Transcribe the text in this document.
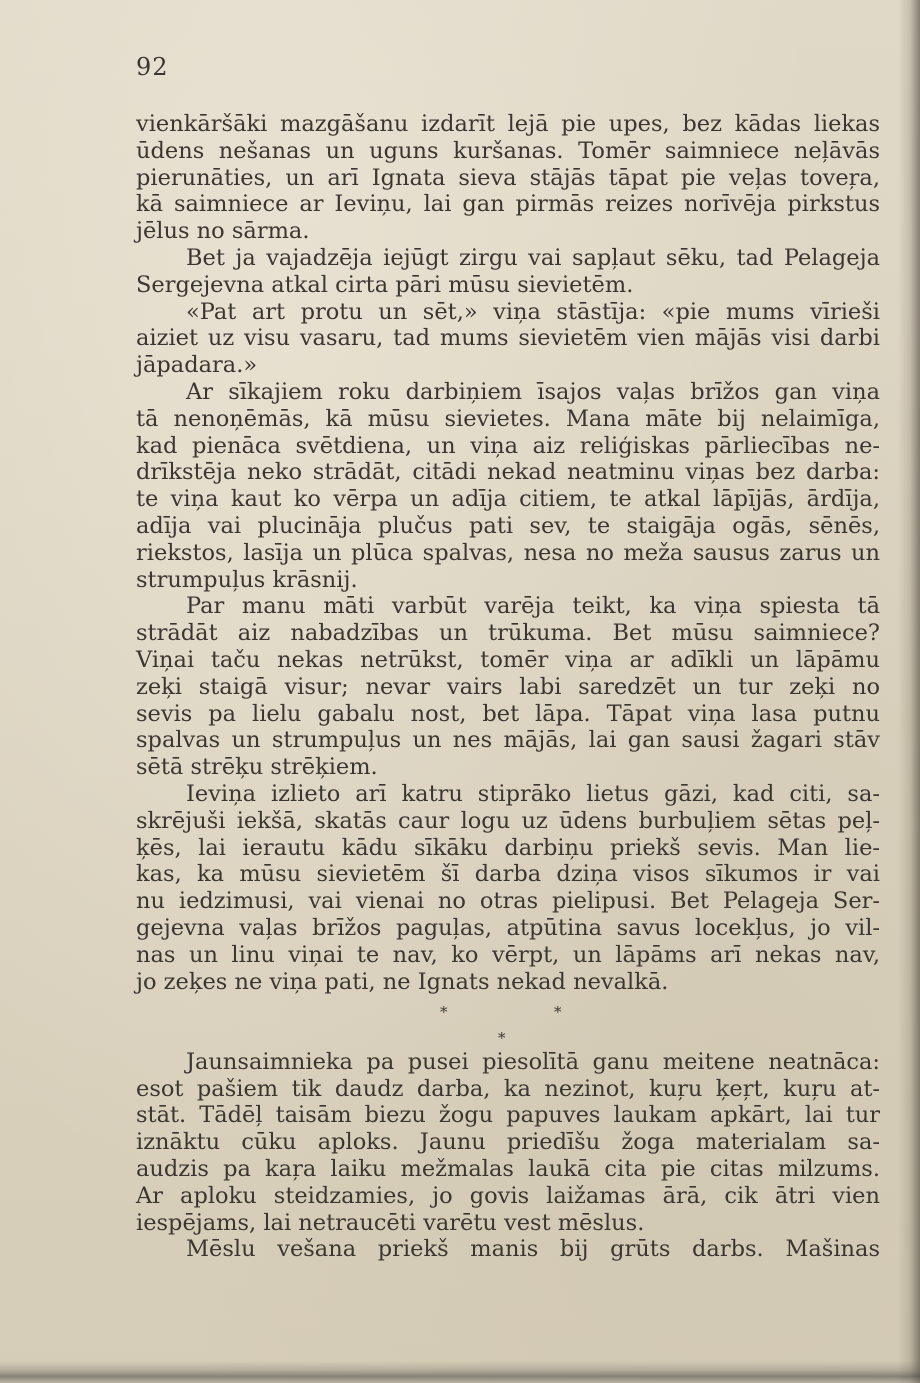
92
vienkāršāki mazgāšanu izdarīt lejā pie upes, bez kādas liekas
ūdens nešanas un uguns kuršanas. Tomēr saimniece neļāvās
pierunāties, un arī Ignata sieva stājās tāpat pie veļas toveŗa,
kā saimniece ar Ieviņu, lai gan pirmās reizes norīvēja pirkstus
jēlus no sārma.
Bet ja vajadzēja iejūgt zirgu vai sapļaut sēku, tad Pelageja
Sergejevna atkal cirta pāri mūsu sievietēm.
«Pat art protu un sēt,» viņa stāstīja: «pie mums vīrieši
aiziet uz visu vasaru, tad mums sievietēm vien mājās visi darbi
jāpadara.»
Ar sīkajiem roku darbiņiem īsajos vaļas brīžos gan viņa
tā nenoņēmās, kā mūsu sievietes. Mana māte bij nelaimīga,
kad pienāca svētdiena, un viņa aiz reliģiskas pārliecības ne-
drīkstēja neko strādāt, citādi nekad neatminu viņas bez darba:
te viņa kaut ko vērpa un adīja citiem, te atkal lāpījās, ārdīja,
adīja vai plucināja plučus pati sev, te staigāja ogās, sēnēs,
riekstos, lasīja un plūca spalvas, nesa no meža sausus zarus un
strumpuļus krāsnij.
Par manu māti varbūt varēja teikt, ka viņa spiesta tā
strādāt aiz nabadzības un trūkuma. Bet mūsu saimniece?
Viņai taču nekas netrūkst, tomēr viņa ar adīkli un lāpāmu
zeķi staigā visur; nevar vairs labi saredzēt un tur zeķi no
sevis pa lielu gabalu nost, bet lāpa. Tāpat viņa lasa putnu
spalvas un strumpuļus un nes mājās, lai gan sausi žagari stāv
sētā strēķu strēķiem.
Ieviņa izlieto arī katru stiprāko lietus gāzi, kad citi, sa-
skrējuši iekšā, skatās caur logu uz ūdens burbuļiem sētas peļ-
ķēs, lai ierautu kādu sīkāku darbiņu priekš sevis. Man lie-
kas, ka mūsu sievietēm šī darba dziņa visos sīkumos ir vai
nu iedzimusi, vai vienai no otras pielipusi. Bet Pelageja Ser-
gejevna vaļas brīžos paguļas, atpūtina savus locekļus, jo vil-
nas un linu viņai te nav, ko vērpt, un lāpāms arī nekas nav,
jo zeķes ne viņa pati, ne Ignats nekad nevalkā.
*	*
*
Jaunsaimnieka pa pusei piesolītā ganu meitene neatnāca:
esot pašiem tik daudz darba, ka nezinot, kuŗu ķeŗt, kuŗu at-
stāt. Tādēļ taisām biezu žogu papuves laukam apkārt, lai tur
iznāktu cūku aploks. Jaunu priedīšu žoga materialam sa-
audzis pa kaŗa laiku mežmalas laukā cita pie citas milzums.
Ar aploku steidzamies, jo govis laižamas ārā, cik ātri vien
iespējams, lai netraucēti varētu vest mēslus.
Mēslu vešana priekš manis bij grūts darbs. Mašinas
